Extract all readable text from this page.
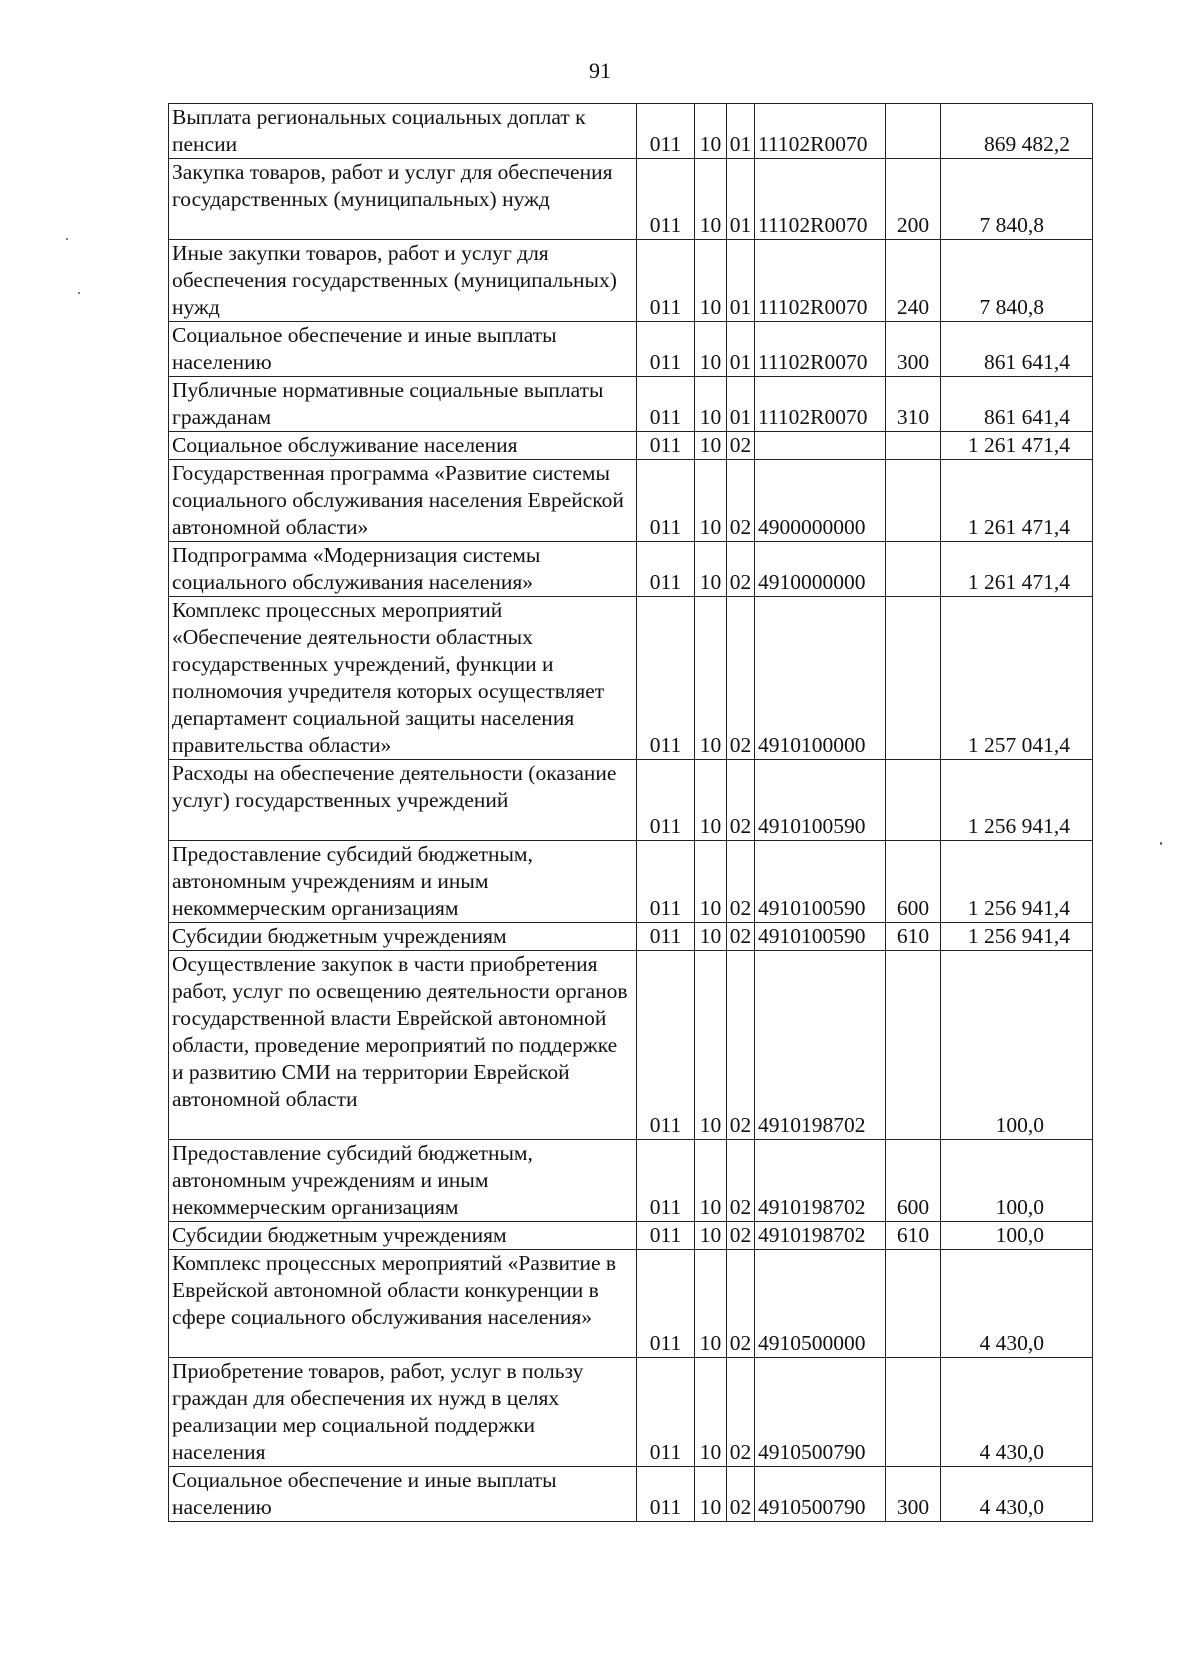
91
Выплата региональных социальных доплат к пенсии	011	10	01	11102R0070		869 482,2
Закупка товаров, работ и услуг для обеспечения государственных (муниципальных) нужд	011	10	01	11102R0070	200	7 840,8
Иные закупки товаров, работ и услуг для обеспечения государственных (муниципальных) нужд	011	10	01	11102R0070	240	7 840,8
Социальное обеспечение и иные выплаты населению	011	10	01	11102R0070	300	861 641,4
Публичные нормативные социальные выплаты гражданам	011	10	01	11102R0070	310	861 641,4
Социальное обслуживание населения	011	10	02			1 261 471,4
Государственная программа «Развитие системы социального обслуживания населения Еврейской автономной области»	011	10	02	4900000000		1 261 471,4
Подпрограмма «Модернизация системы социального обслуживания населения»	011	10	02	4910000000		1 261 471,4
Комплекс процессных мероприятий «Обеспечение деятельности областных государственных учреждений, функции и полномочия учредителя которых осуществляет департамент социальной защиты населения правительства области»	011	10	02	4910100000		1 257 041,4
Расходы на обеспечение деятельности (оказание услуг) государственных учреждений	011	10	02	4910100590		1 256 941,4
Предоставление субсидий бюджетным, автономным учреждениям и иным некоммерческим организациям	011	10	02	4910100590	600	1 256 941,4
Субсидии бюджетным учреждениям	011	10	02	4910100590	610	1 256 941,4
Осуществление закупок в части приобретения работ, услуг по освещению деятельности органов государственной власти Еврейской автономной области, проведение мероприятий по поддержке и развитию СМИ на территории Еврейской автономной области	011	10	02	4910198702		100,0
Предоставление субсидий бюджетным, автономным учреждениям и иным некоммерческим организациям	011	10	02	4910198702	600	100,0
Субсидии бюджетным учреждениям	011	10	02	4910198702	610	100,0
Комплекс процессных мероприятий «Развитие в Еврейской автономной области конкуренции в сфере социального обслуживания населения»	011	10	02	4910500000		4 430,0
Приобретение товаров, работ, услуг в пользу граждан для обеспечения их нужд в целях реализации мер социальной поддержки населения	011	10	02	4910500790		4 430,0
Социальное обеспечение и иные выплаты населению	011	10	02	4910500790	300	4 430,0
